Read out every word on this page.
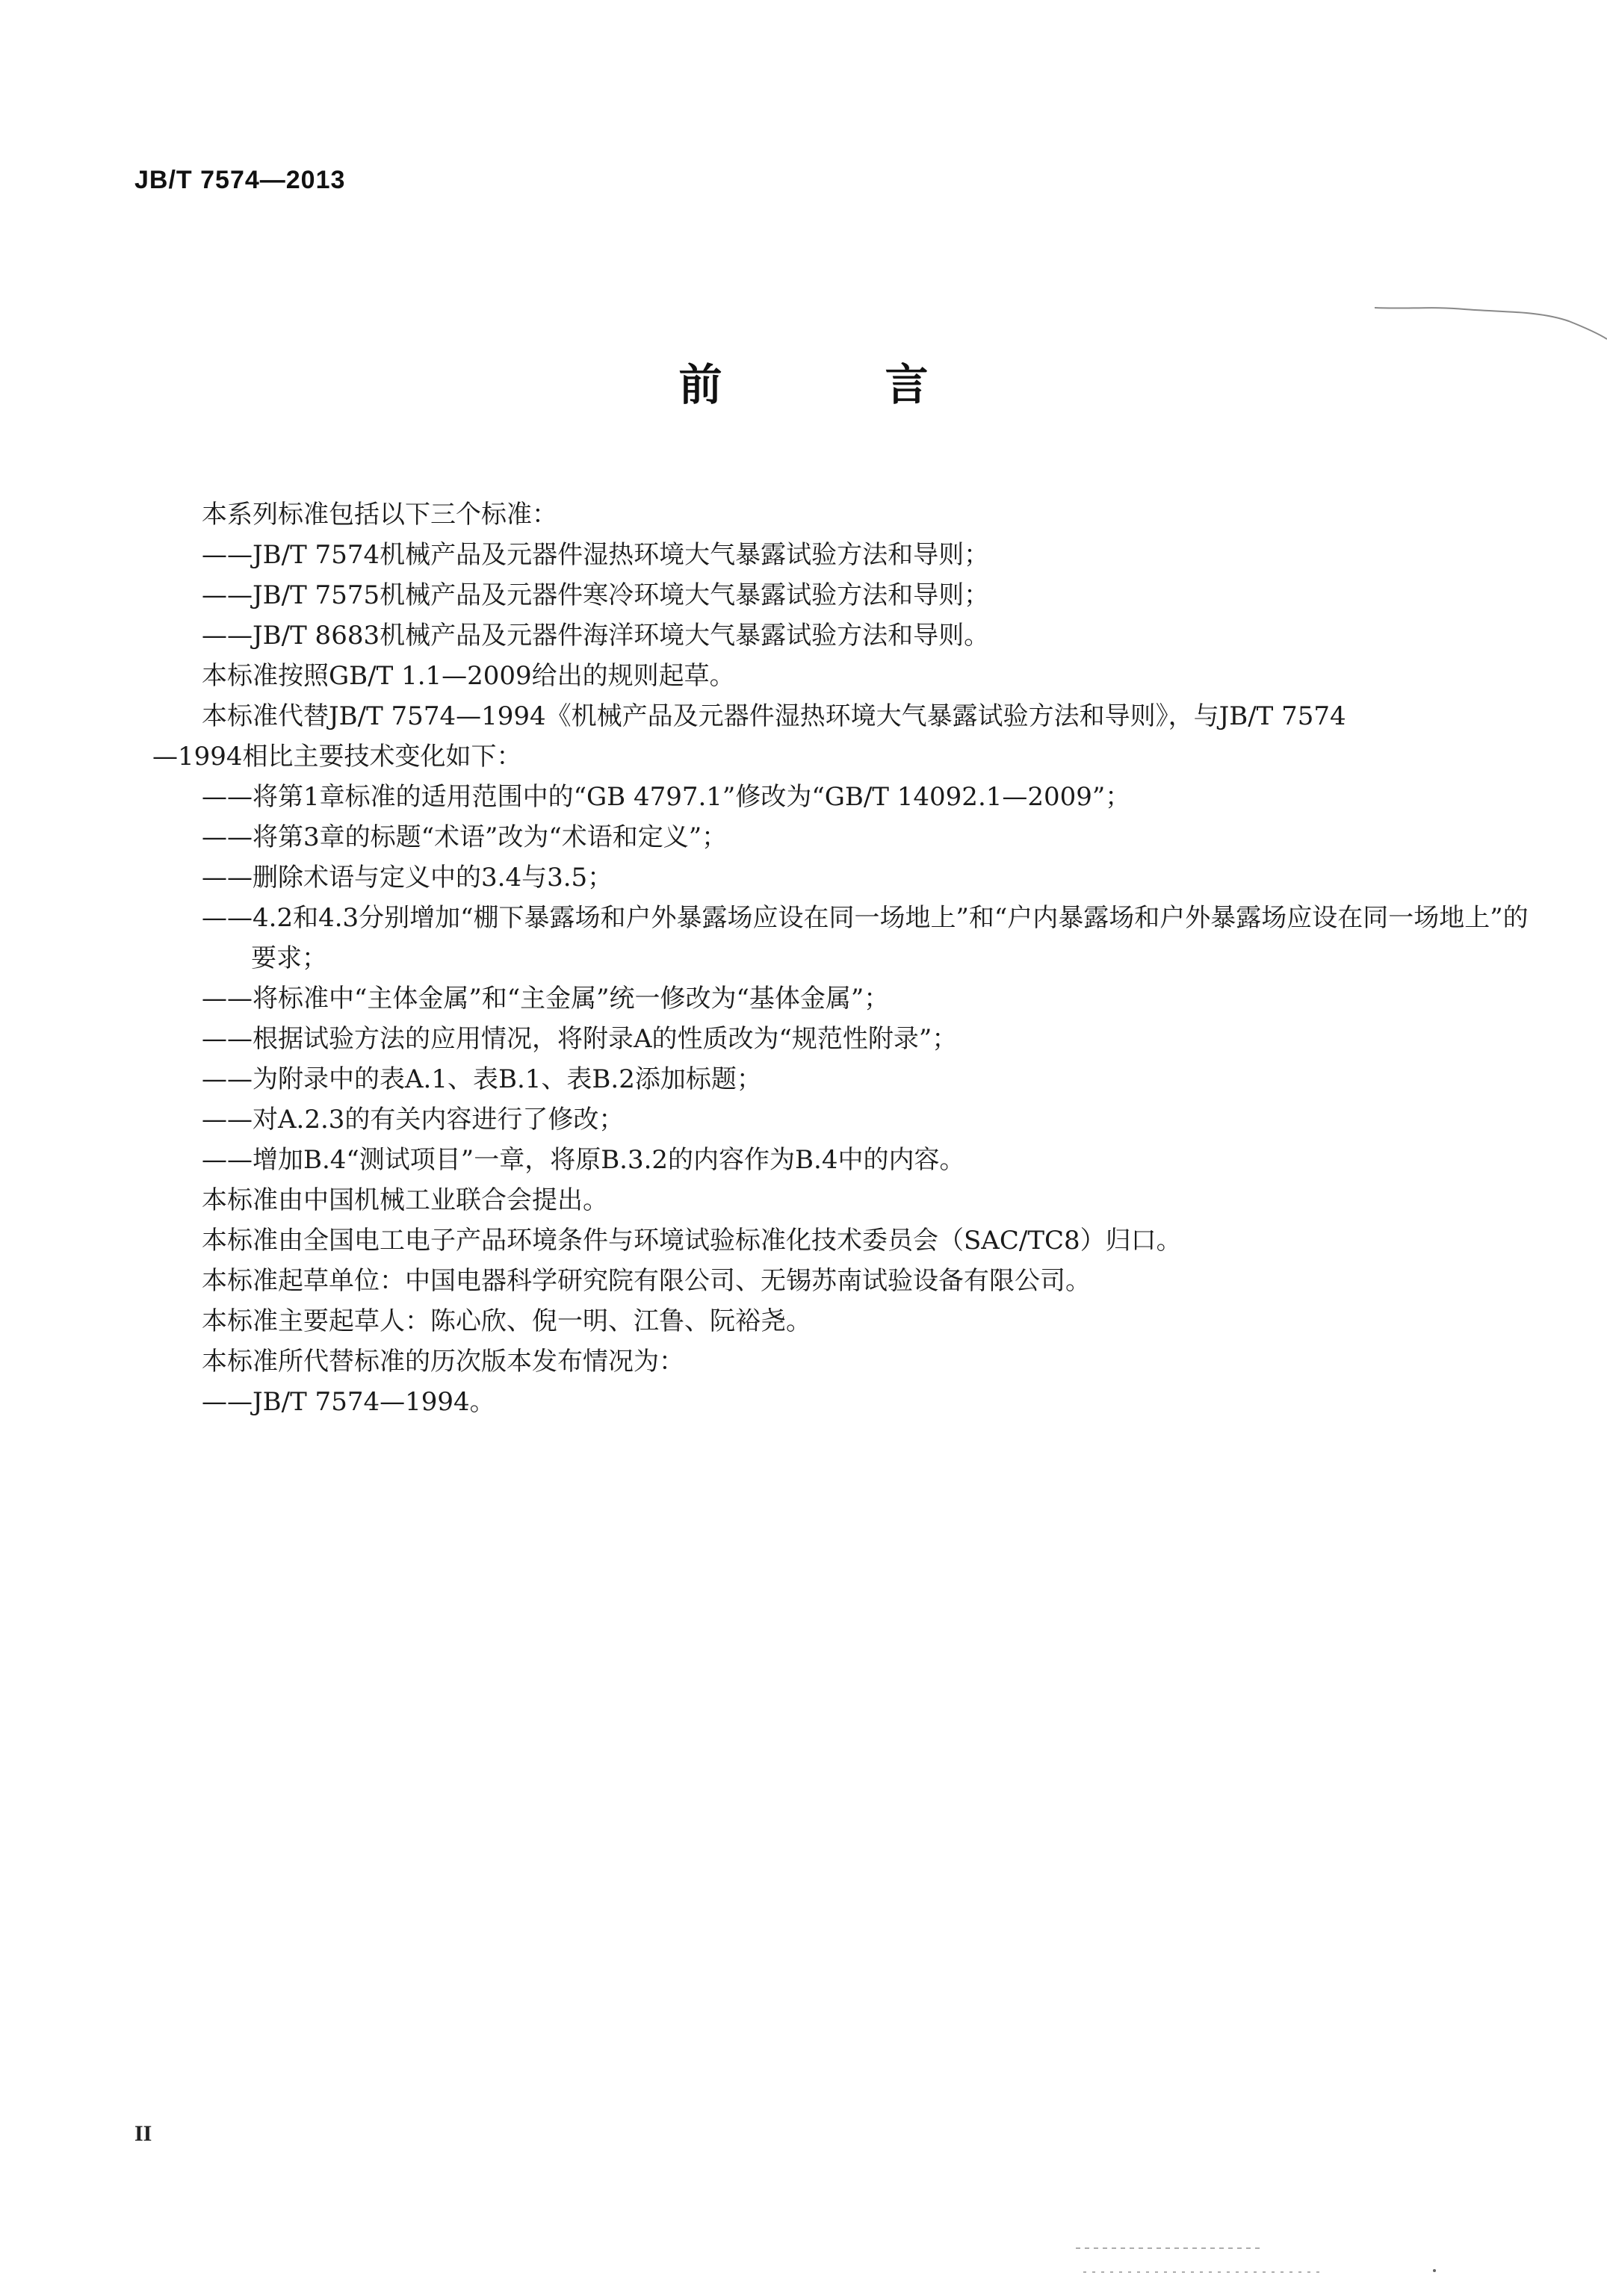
JB/T 7574—2013
前　言

本系列标准包括以下三个标准：

——JB/T 7574机械产品及元器件湿热环境大气暴露试验方法和导则；

——JB/T 7575机械产品及元器件寒冷环境大气暴露试验方法和导则；

——JB/T 8683机械产品及元器件海洋环境大气暴露试验方法和导则。

本标准按照GB/T 1.1—2009给出的规则起草。

本标准代替JB/T 7574—1994《机械产品及元器件湿热环境大气暴露试验方法和导则》，与JB/T 7574

—1994相比主要技术变化如下：

——将第1章标准的适用范围中的“GB 4797.1”修改为“GB/T 14092.1—2009”；

——将第3章的标题“术语”改为“术语和定义”；

——删除术语与定义中的3.4与3.5；

——4.2和4.3分别增加“棚下暴露场和户外暴露场应设在同一场地上”和“户内暴露场和户外暴露场应设在同一场地上”的要求；

——将标准中“主体金属”和“主金属”统一修改为“基体金属”；

——根据试验方法的应用情况，将附录A的性质改为“规范性附录”；

——为附录中的表A.1、表B.1、表B.2添加标题；

——对A.2.3的有关内容进行了修改；

——增加B.4“测试项目”一章，将原B.3.2的内容作为B.4中的内容。

本标准由中国机械工业联合会提出。

本标准由全国电工电子产品环境条件与环境试验标准化技术委员会（SAC/TC8）归口。

本标准起草单位：中国电器科学研究院有限公司、无锡苏南试验设备有限公司。

本标准主要起草人：陈心欣、倪一明、江鲁、阮裕尧。

本标准所代替标准的历次版本发布情况为：

——JB/T 7574—1994。

II
